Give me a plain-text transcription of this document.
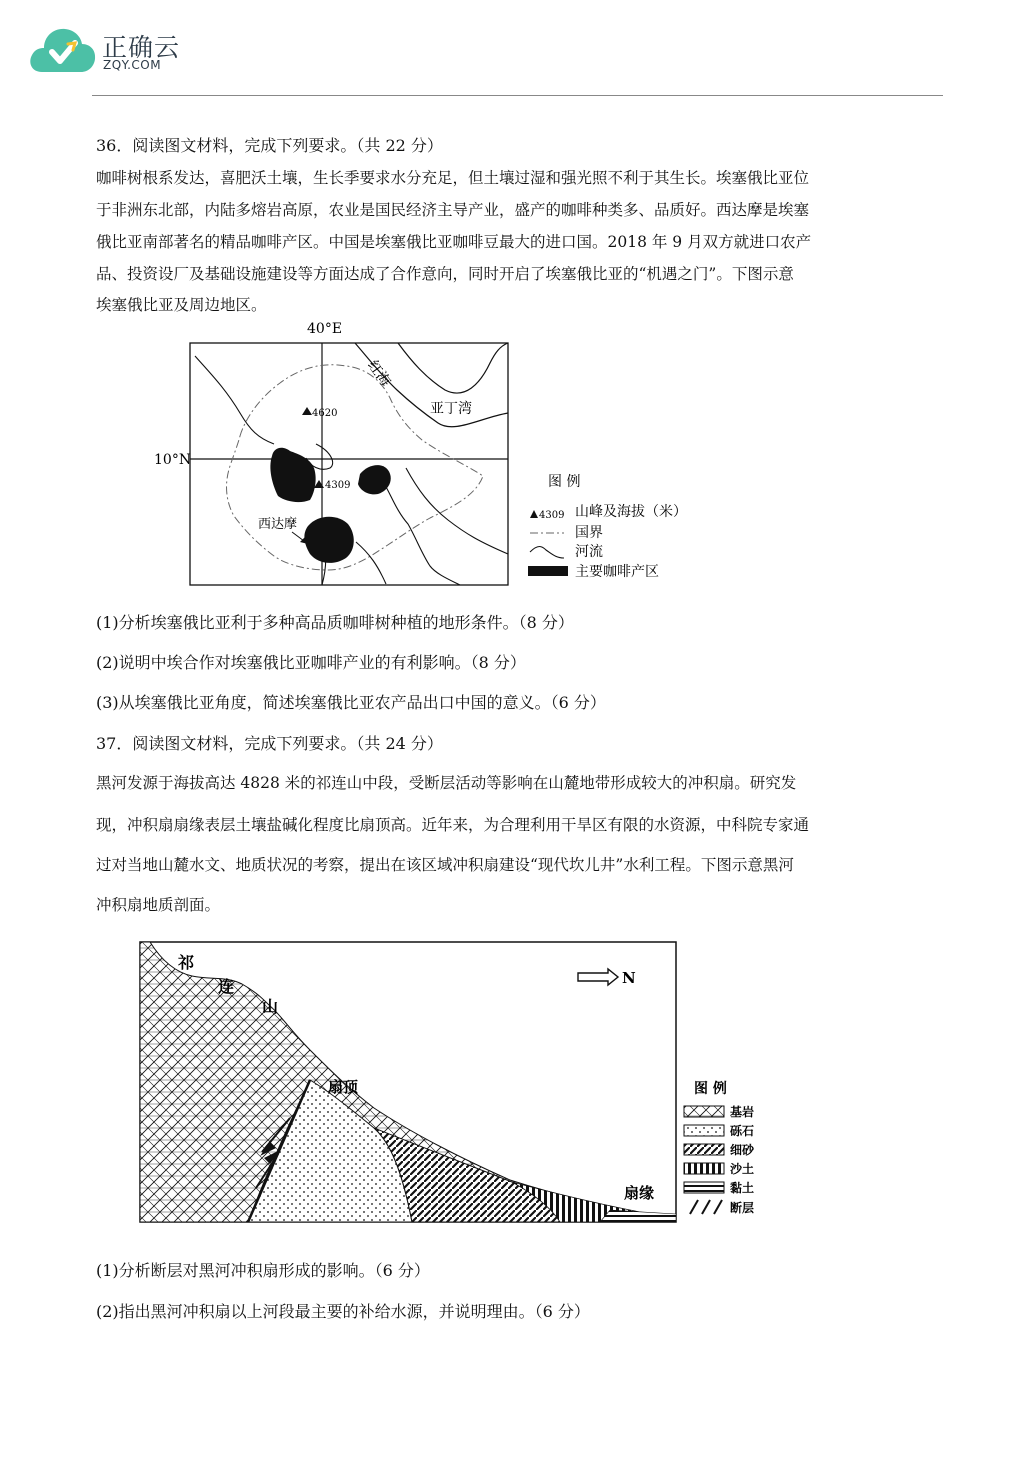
正确云
ZQY.COM
36．阅读图文材料，完成下列要求。（共 22 分）
咖啡树根系发达，喜肥沃土壤，生长季要求水分充足，但土壤过湿和强光照不利于其生长。埃塞俄比亚位
于非洲东北部，内陆多熔岩高原，农业是国民经济主导产业，盛产的咖啡种类多、品质好。西达摩是埃塞
俄比亚南部著名的精品咖啡产区。中国是埃塞俄比亚咖啡豆最大的进口国。2018 年 9 月双方就进口农产
品、投资设厂及基础设施建设等方面达成了合作意向，同时开启了埃塞俄比亚的“机遇之门”。下图示意
埃塞俄比亚及周边地区。
40°E
10°N
红海
亚丁湾
4620
4309
西达摩
图 例
4309 山峰及海拔（米）
国界
河流
主要咖啡产区
(1)分析埃塞俄比亚利于多种高品质咖啡树种植的地形条件。（8 分）
(2)说明中埃合作对埃塞俄比亚咖啡产业的有利影响。（8 分）
(3)从埃塞俄比亚角度，简述埃塞俄比亚农产品出口中国的意义。（6 分）
37．阅读图文材料，完成下列要求。（共 24 分）
黑河发源于海拔高达 4828 米的祁连山中段，受断层活动等影响在山麓地带形成较大的冲积扇。研究发
现，冲积扇扇缘表层土壤盐碱化程度比扇顶高。近年来，为合理利用干旱区有限的水资源，中科院专家通
过对当地山麓水文、地质状况的考察，提出在该区域冲积扇建设“现代坎儿井”水利工程。下图示意黑河
冲积扇地质剖面。
祁
连
山
扇顶
扇缘
N
图 例
基岩
砾石
细砂
沙土
黏土
断层
(1)分析断层对黑河冲积扇形成的影响。（6 分）
(2)指出黑河冲积扇以上河段最主要的补给水源，并说明理由。（6 分）
